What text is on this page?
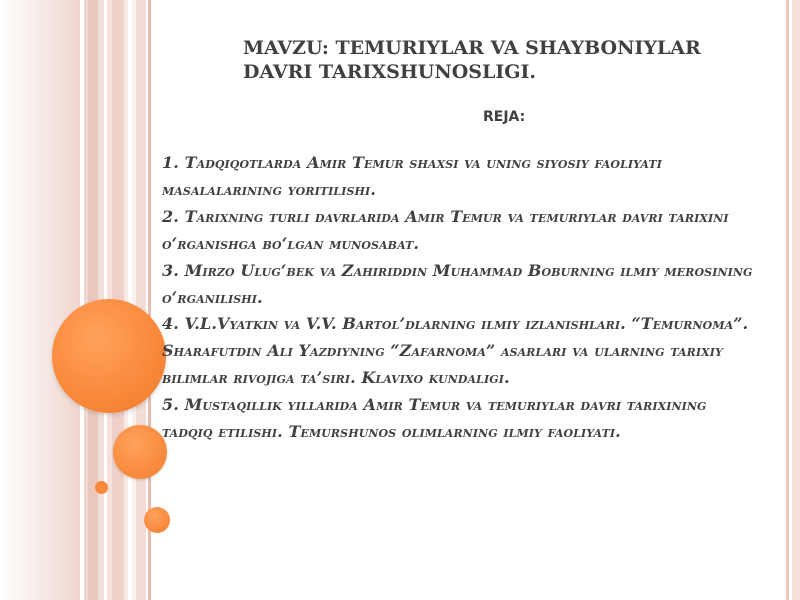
MAVZU: TEMURIYLAR VA SHAYBONIYLAR
DAVRI TARIXSHUNOSLIGI.
REJA:

1. Tadqiqotlarda Amir Temur shaxsi va uning siyosiy faoliyati masalalarining yoritilishi.

2. Tarixning turli davrlarida Amir Temur va temuriylar davri tarixini o‘rganishga bo‘lgan munosabat.

3. Mirzo Ulug‘bek va Zahiriddin Muhammad Boburning ilmiy merosining o‘rganilishi.

4. V.L.Vyatkin va V.V. Bartol’dlarning ilmiy izlanishlari. “Temurnoma”. Sharafutdin Ali Yazdiyning “Zafarnoma” asarlari va ularning tarixiy bilimlar rivojiga ta’siri. Klavixo kundaligi.

5. Mustaqillik yillarida Amir Temur va temuriylar davri tarixining tadqiq etilishi. Temurshunos olimlarning ilmiy faoliyati.
